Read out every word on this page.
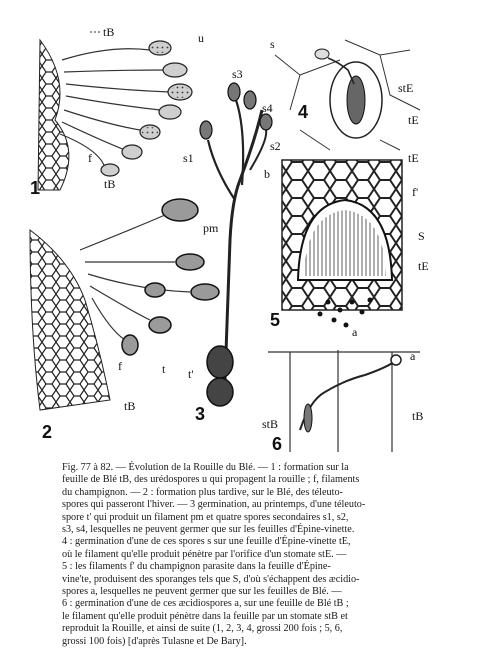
tB	u
f
tB
1
f	t
tB
2
s3
s4
s2
s1
b
pm
t'
3
s
stE
tE
4
tE
f'
S
tE
a
5
a
stB
tB
6
Fig. 77 à 82. — Évolution de la Rouille du Blé. — 1 : formation sur la
feuille de Blé tB, des urédospores u qui propagent la rouille ; f, filaments
du champignon. — 2 : formation plus tardive, sur le Blé, des téleuto-
spores qui passeront l'hiver. — 3 germination, au printemps, d'une téleuto-
spore t' qui produit un filament pm et quatre spores secondaires s1, s2,
s3, s4, lesquelles ne peuvent germer que sur les feuilles d'Épine-vinette.
4 : germination d'une de ces spores s sur une feuille d'Épine-vinette tE,
où le filament qu'elle produit pénètre par l'orifice d'un stomate stE. —
5 : les filaments f' du champignon parasite dans la feuille d'Épine-
vine'te, produisent des sporanges tels que S, d'où s'échappent des æcidio-
spores a, lesquelles ne peuvent germer que sur les feuilles de Blé. —
6 : germination d'une de ces æcidiospores a, sur une feuille de Blé tB ;
le filament qu'elle produit pénètre dans la feuille par un stomate stB et
reproduit la Rouille, et ainsi de suite (1, 2, 3, 4, grossi 200 fois ; 5, 6,
grossi 100 fois) [d'après Tulasne et De Bary].
